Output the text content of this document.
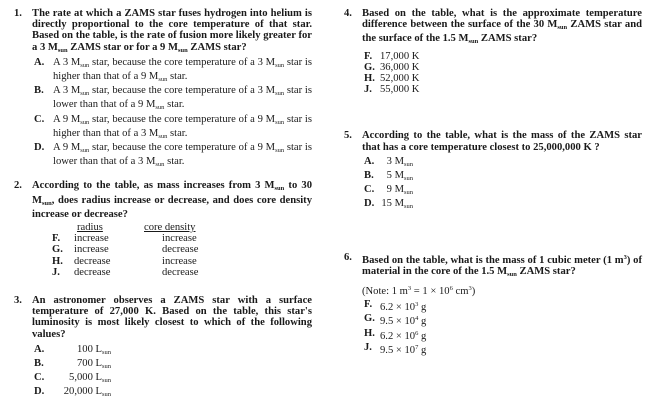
1. The rate at which a ZAMS star fuses hydrogen into helium is directly proportional to the core temperature of that star. Based on the table, is the rate of fusion more likely greater for a 3 $M_{sun}$ ZAMS star or for a 9 $M_{sun}$ ZAMS star?
A. A 3 $M_{sun}$ star, because the core temperature of a 3 $M_{sun}$ star is higher than that of a 9 $M_{sun}$ star.
B. A 3 $M_{sun}$ star, because the core temperature of a 3 $M_{sun}$ star is lower than that of a 9 $M_{sun}$ star.
C. A 9 $M_{sun}$ star, because the core temperature of a 9 $M_{sun}$ star is higher than that of a 3 $M_{sun}$ star.
D. A 9 $M_{sun}$ star, because the core temperature of a 9 $M_{sun}$ star is lower than that of a 3 $M_{sun}$ star.
2. According to the table, as mass increases from 3 $M_{sun}$ to 30 $M_{sun}$, does radius increase or decrease, and does core density increase or decrease?
radius	core density
F. increase	increase
G. increase	decrease
H. decrease	increase
J. decrease	decrease
3. An astronomer observes a ZAMS star with a surface temperature of 27,000 K. Based on the table, this star's luminosity is most likely closest to which of the following values?
A.	100 $L_{sun}$
B.	700 $L_{sun}$
C. 5,000 $L_{sun}$
D. 20,000 $L_{sun}$
4. Based on the table, what is the approximate temperature difference between the surface of the 30 $M_{sun}$ ZAMS star and the surface of the 1.5 $M_{sun}$ ZAMS star?
F. 17,000 K
G. 36,000 K
H. 52,000 K
J. 55,000 K
5. According to the table, what is the mass of the ZAMS star that has a core temperature closest to 25,000,000 K ?
A. 3 $M_{sun}$
B. 5 $M_{sun}$
C. 9 $M_{sun}$
D. 15 $M_{sun}$
6. Based on the table, what is the mass of 1 cubic meter (1 $m^3$) of material in the core of the 1.5 $M_{sun}$ ZAMS star?
(Note: 1 $m^3 = 1 \times 10^6$ $cm^3$)
F. $6.2 \times 10^3$ g
G. $9.5 \times 10^4$ g
H. $6.2 \times 10^6$ g
J. $9.5 \times 10^7$ g
